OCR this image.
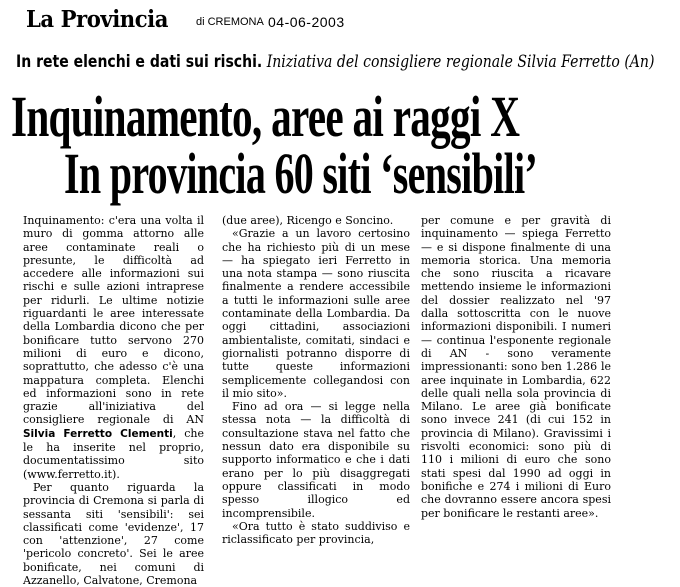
La Provincia	di CREMONA 04-06-2003
In rete elenchi e dati sui rischi. Iniziativa del consigliere regionale Silvia Ferretto (An)
Inquinamento, aree ai raggi X
In provincia 60 siti ‘sensibili’

Inquinamento: c'era una volta il muro di gomma attorno alle aree contaminate reali o presunte, le difficoltà ad accedere alle informazioni sui rischi e sulle azioni intraprese per ridurli. Le ultime notizie riguardanti le aree interessate della Lombardia dicono che per bonificare tutto servono 270 milioni di euro e dicono, soprattutto, che adesso c'è una mappatura completa. Elenchi ed informazioni sono in rete grazie all'iniziativa del consigliere regionale di AN Silvia Ferretto Clementi, che le ha inserite nel proprio, documentatissimo sito (www.ferretto.it).

Per quanto riguarda la provincia di Cremona si parla di sessanta siti 'sensibili': sei classificati come 'evidenze', 17 con 'attenzione', 27 come 'pericolo concreto'. Sei le aree bonificate, nei comuni di Azzanello, Calvatone, Cremona

(due aree), Ricengo e Soncino.

«Grazie a un lavoro certosino che ha richiesto più di un mese — ha spiegato ieri Ferretto in una nota stampa — sono riuscita finalmente a rendere accessibile a tutti le informazioni sulle aree contaminate della Lombardia. Da oggi cittadini, associazioni ambientaliste, comitati, sindaci e giornalisti potranno disporre di tutte queste informazioni semplicemente collegandosi con il mio sito».

Fino ad ora — si legge nella stessa nota — la difficoltà di consultazione stava nel fatto che nessun dato era disponibile su supporto informatico e che i dati erano per lo più disaggregati oppure classificati in modo spesso illogico ed incomprensibile.

«Ora tutto è stato suddiviso e riclassificato per provincia,

per comune e per gravità di inquinamento — spiega Ferretto — e si dispone finalmente di una memoria storica. Una memoria che sono riuscita a ricavare mettendo insieme le informazioni del dossier realizzato nel '97 dalla sottoscritta con le nuove informazioni disponibili. I numeri — continua l'esponente regionale di AN - sono veramente impressionanti: sono ben 1.286 le aree inquinate in Lombardia, 622 delle quali nella sola provincia di Milano. Le aree già bonificate sono invece 241 (di cui 152 in provincia di Milano). Gravissimi i risvolti economici: sono più di 110 i milioni di euro che sono stati spesi dal 1990 ad oggi in bonifiche e 274 i milioni di Euro che dovranno essere ancora spesi per bonificare le restanti aree».
